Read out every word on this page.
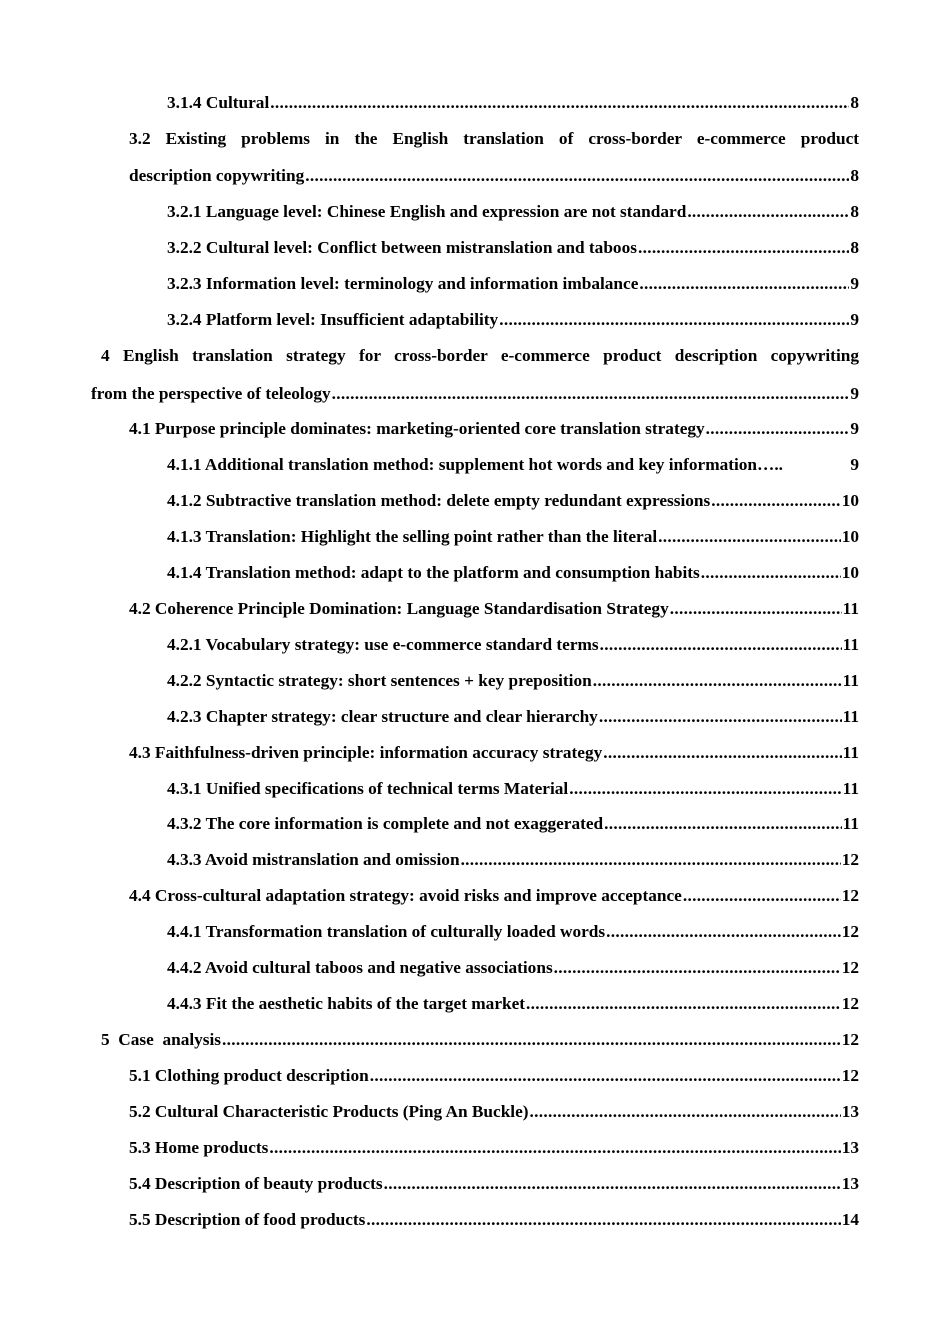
3.1.4 Cultural .....	8
3.2 Existing problems in the English translation of cross-border e-commerce product
description copywriting .....	8
3.2.1 Language level: Chinese English and expression are not standard .....	8
3.2.2 Cultural level: Conflict between mistranslation and taboos .....	8
3.2.3 Information level: terminology and information imbalance .....	9
3.2.4 Platform level: Insufficient adaptability .....	9
4 English translation strategy for cross-border e-commerce product description copywriting
from the perspective of teleology .....	9
4.1 Purpose principle dominates: marketing-oriented core translation strategy .....	9
4.1.1 Additional translation method: supplement hot words and key information…..	9
4.1.2 Subtractive translation method: delete empty redundant expressions .....	10
4.1.3 Translation: Highlight the selling point rather than the literal .....	10
4.1.4 Translation method: adapt to the platform and consumption habits .....	10
4.2 Coherence Principle Domination: Language Standardisation Strategy .....	11
4.2.1 Vocabulary strategy: use e-commerce standard terms .....	11
4.2.2 Syntactic strategy: short sentences + key preposition .....	11
4.2.3 Chapter strategy: clear structure and clear hierarchy .....	11
4.3 Faithfulness-driven principle: information accuracy strategy .....	11
4.3.1 Unified specifications of technical terms Material .....	11
4.3.2 The core information is complete and not exaggerated .....	11
4.3.3 Avoid mistranslation and omission .....	12
4.4 Cross-cultural adaptation strategy: avoid risks and improve acceptance .....	12
4.4.1 Transformation translation of culturally loaded words .....	12
4.4.2 Avoid cultural taboos and negative associations .....	12
4.4.3 Fit the aesthetic habits of the target market .....	12
5  Case  analysis .....	12
5.1 Clothing product description .....	12
5.2 Cultural Characteristic Products (Ping An Buckle) .....	13
5.3 Home products .....	13
5.4 Description of beauty products .....	13
5.5 Description of food products .....	14
